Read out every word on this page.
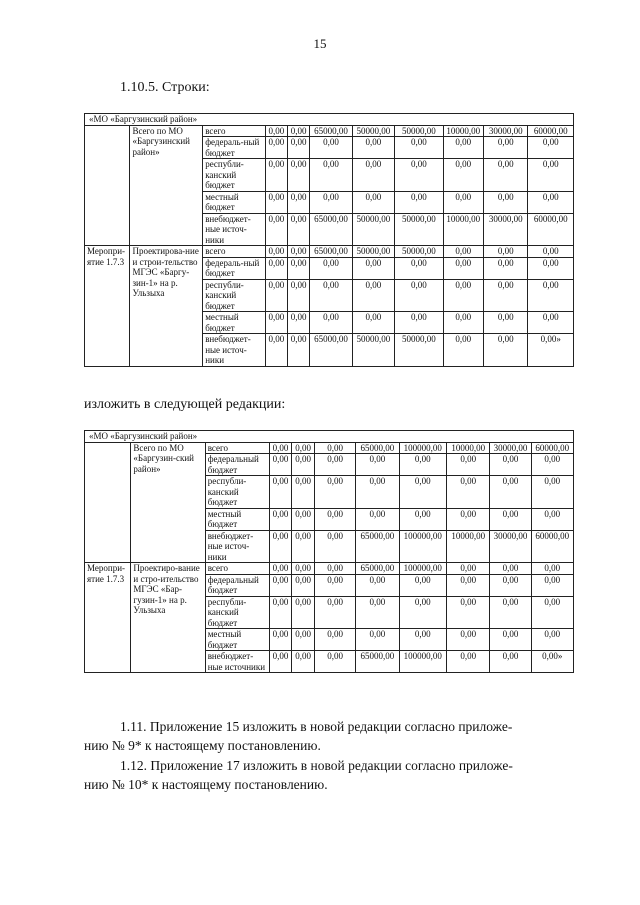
15
1.10.5. Строки:
«МО «Баргузинский район»										
	Всего по МО «Баргузинский район»	всего	0,00	0,00	65000,00	50000,00	50000,00	10000,00	30000,00	60000,00
		федераль-ный бюджет	0,00	0,00	0,00	0,00	0,00	0,00	0,00	0,00
		республи-канский бюджет	0,00	0,00	0,00	0,00	0,00	0,00	0,00	0,00
		местный бюджет	0,00	0,00	0,00	0,00	0,00	0,00	0,00	0,00
		внебюджет-ные источ-ники	0,00	0,00	65000,00	50000,00	50000,00	10000,00	30000,00	60000,00
Меропри-ятие 1.7.3	Проектирова-ние и строи-тельство МГЭС «Баргу-зин-1» на р. Ульзыха	всего	0,00	0,00	65000,00	50000,00	50000,00	0,00	0,00	0,00
		федераль-ный бюджет	0,00	0,00	0,00	0,00	0,00	0,00	0,00	0,00
		республи-канский бюджет	0,00	0,00	0,00	0,00	0,00	0,00	0,00	0,00
		местный бюджет	0,00	0,00	0,00	0,00	0,00	0,00	0,00	0,00
		внебюджет-ные источ-ники	0,00	0,00	65000,00	50000,00	50000,00	0,00	0,00	0,00»
изложить в следующей редакции:
«МО «Баргузинский район»										
	Всего по МО «Баргузин-ский район»	всего	0,00	0,00	0,00	65000,00	100000,00	10000,00	30000,00	60000,00
		федеральный бюджет	0,00	0,00	0,00	0,00	0,00	0,00	0,00	0,00
		республи-канский бюджет	0,00	0,00	0,00	0,00	0,00	0,00	0,00	0,00
		местный бюджет	0,00	0,00	0,00	0,00	0,00	0,00	0,00	0,00
		внебюджет-ные источ-ники	0,00	0,00	0,00	65000,00	100000,00	10000,00	30000,00	60000,00
Меропри-ятие 1.7.3	Проектиро-вание и стро-ительство МГЭС «Бар-гузин-1» на р. Ульзыха	всего	0,00	0,00	0,00	65000,00	100000,00	0,00	0,00	0,00
		федеральный бюджет	0,00	0,00	0,00	0,00	0,00	0,00	0,00	0,00
		республи-канский бюджет	0,00	0,00	0,00	0,00	0,00	0,00	0,00	0,00
		местный бюджет	0,00	0,00	0,00	0,00	0,00	0,00	0,00	0,00
		внебюджет-ные источники	0,00	0,00	0,00	65000,00	100000,00	0,00	0,00	0,00»
1.11. Приложение 15 изложить в новой редакции согласно приложе-
нию № 9* к настоящему постановлению.
1.12. Приложение 17 изложить в новой редакции согласно приложе-
нию № 10* к настоящему постановлению.
